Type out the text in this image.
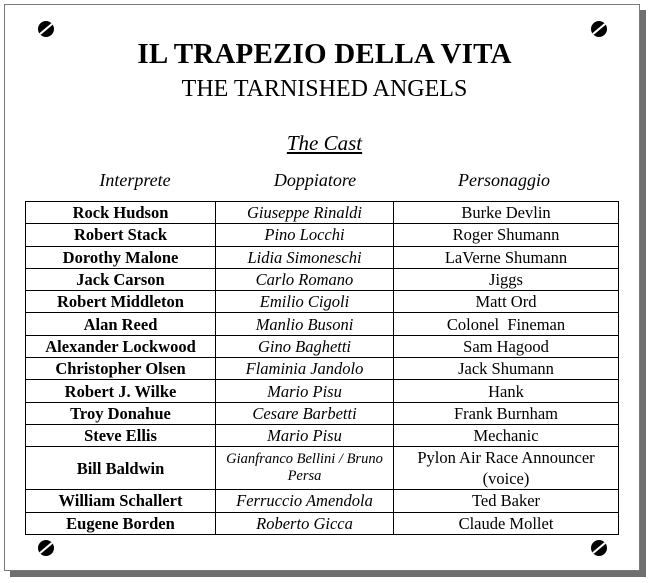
IL TRAPEZIO DELLA VITA
THE TARNISHED ANGELS
The Cast
Interprete	Doppiatore	Personaggio
Rock Hudson	Giuseppe Rinaldi	Burke Devlin
Robert Stack	Pino Locchi	Roger Shumann
Dorothy Malone	Lidia Simoneschi	LaVerne Shumann
Jack Carson	Carlo Romano	Jiggs
Robert Middleton	Emilio Cigoli	Matt Ord
Alan Reed	Manlio Busoni	Colonel  Fineman
Alexander Lockwood	Gino Baghetti	Sam Hagood
Christopher Olsen	Flaminia Jandolo	Jack Shumann
Robert J. Wilke	Mario Pisu	Hank
Troy Donahue	Cesare Barbetti	Frank Burnham
Steve Ellis	Mario Pisu	Mechanic
Bill Baldwin	Gianfranco Bellini / Bruno Persa	Pylon Air Race Announcer (voice)
William Schallert	Ferruccio Amendola	Ted Baker
Eugene Borden	Roberto Gicca	Claude Mollet
